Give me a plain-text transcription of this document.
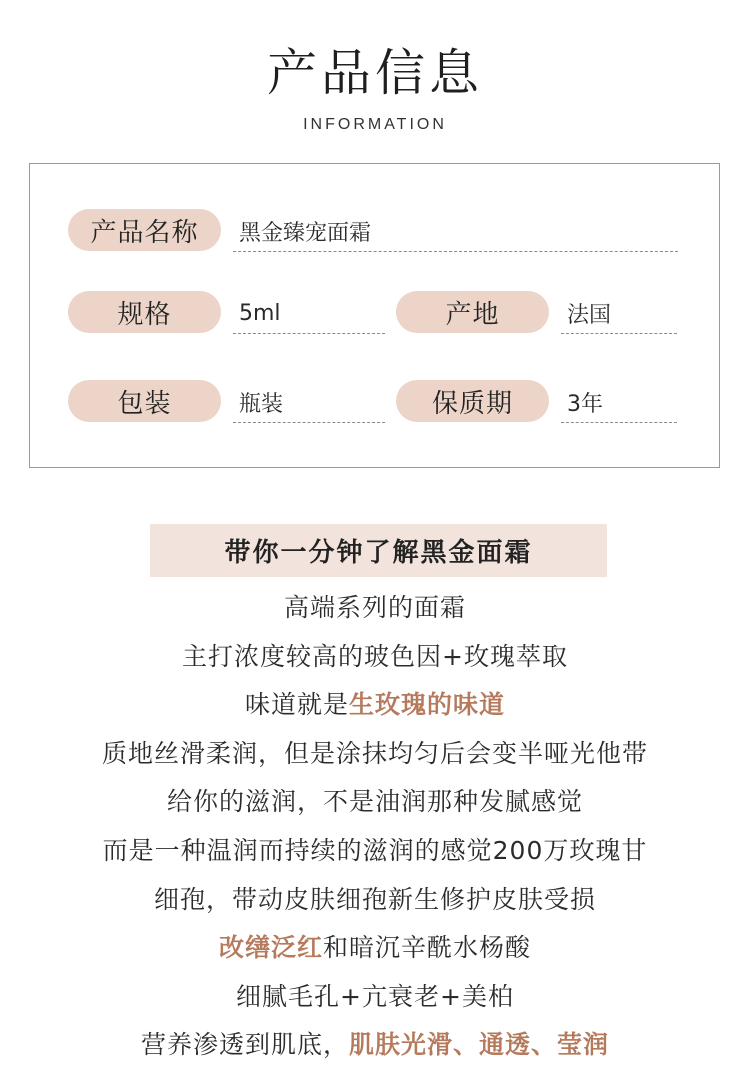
产品信息
INFORMATION
产品名称	黑金臻宠面霜
规格	5ml	产地	法国
包装	瓶装	保质期	3年
带你一分钟了解黑金面霜
高端系列的面霜
主打浓度较高的玻色因+玫瑰萃取
味道就是生玫瑰的味道
质地丝滑柔润，但是涂抹均匀后会变半哑光他带
给你的滋润，不是油润那种发腻感觉
而是一种温润而持续的滋润的感觉200万玫瑰甘
细孢，带动皮肤细孢新生修护皮肤受损
改缮泛红和暗沉辛酰水杨酸
细腻毛孔+亢衰老+美柏
营养渗透到肌底，肌肤光滑、通透、莹润
